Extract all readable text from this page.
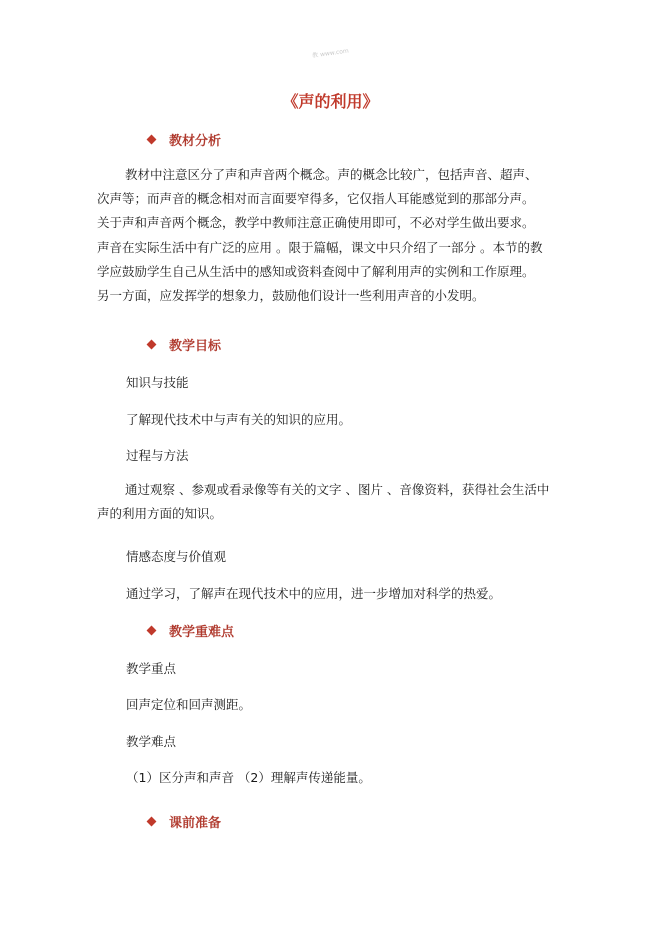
教 www.com
《声的利用》
教材分析
教材中注意区分了声和声音两个概念。声的概念比较广，包括声音、超声、
次声等；而声音的概念相对而言面要窄得多，它仅指人耳能感觉到的那部分声。
关于声和声音两个概念，教学中教师注意正确使用即可，不必对学生做出要求。
声音在实际生活中有广泛的应用 。限于篇幅，课文中只介绍了一部分 。本节的教
学应鼓励学生自己从生活中的感知或资料查阅中了解利用声的实例和工作原理。
另一方面，应发挥学的想象力，鼓励他们设计一些利用声音的小发明。
教学目标
知识与技能
了解现代技术中与声有关的知识的应用。
过程与方法
通过观察 、参观或看录像等有关的文字 、图片 、音像资料，获得社会生活中
声的利用方面的知识。
情感态度与价值观
通过学习，了解声在现代技术中的应用，进一步增加对科学的热爱。
教学重难点
教学重点
回声定位和回声测距。
教学难点
（1）区分声和声音 （2）理解声传递能量。
课前准备
